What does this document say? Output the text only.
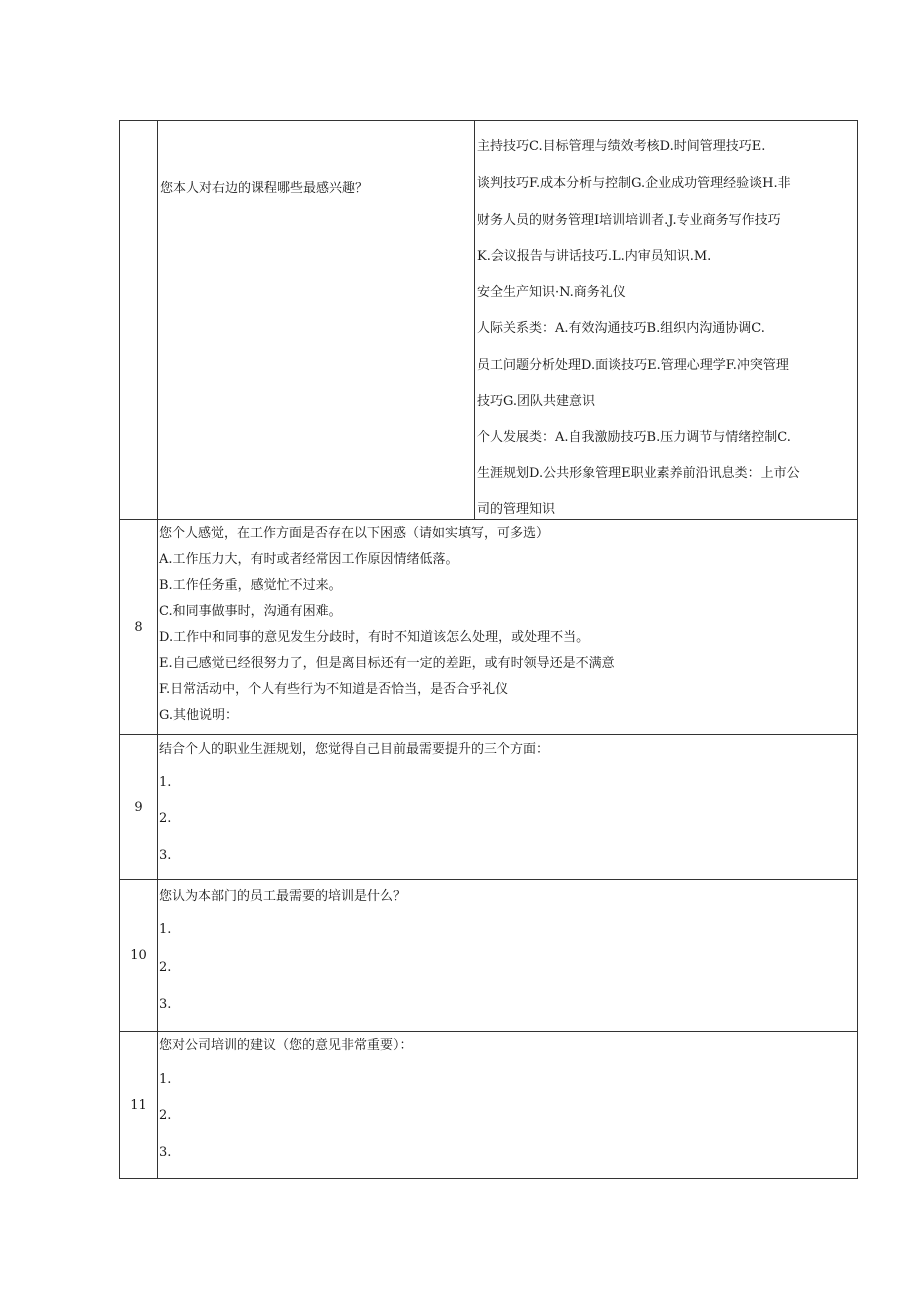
您本人对右边的课程哪些最感兴趣？
主持技巧C.目标管理与绩效考核D.时间管理技巧E.
谈判技巧F.成本分析与控制G.企业成功管理经验谈H.非
财务人员的财务管理I培训培训者.J.专业商务写作技巧
K.会议报告与讲话技巧.L.内审员知识.M.
安全生产知识·N.商务礼仪
人际关系类：A.有效沟通技巧B.组织内沟通协调C.
员工问题分析处理D.面谈技巧E.管理心理学F.冲突管理
技巧G.团队共建意识
个人发展类：A.自我激励技巧B.压力调节与情绪控制C.
生涯规划D.公共形象管理E职业素养前沿讯息类：上市公
司的管理知识
8
您个人感觉，在工作方面是否存在以下困惑（请如实填写，可多选）
A.工作压力大，有时或者经常因工作原因情绪低落。
B.工作任务重，感觉忙不过来。
C.和同事做事时，沟通有困难。
D.工作中和同事的意见发生分歧时，有时不知道该怎么处理，或处理不当。
E.自己感觉已经很努力了，但是离目标还有一定的差距，或有时领导还是不满意
F.日常活动中，个人有些行为不知道是否恰当，是否合乎礼仪
G.其他说明：
9
结合个人的职业生涯规划，您觉得自己目前最需要提升的三个方面：
1.
2.
3.
10
您认为本部门的员工最需要的培训是什么？
1.
2.
3.
11
您对公司培训的建议（您的意见非常重要）：
1.
2.
3.
